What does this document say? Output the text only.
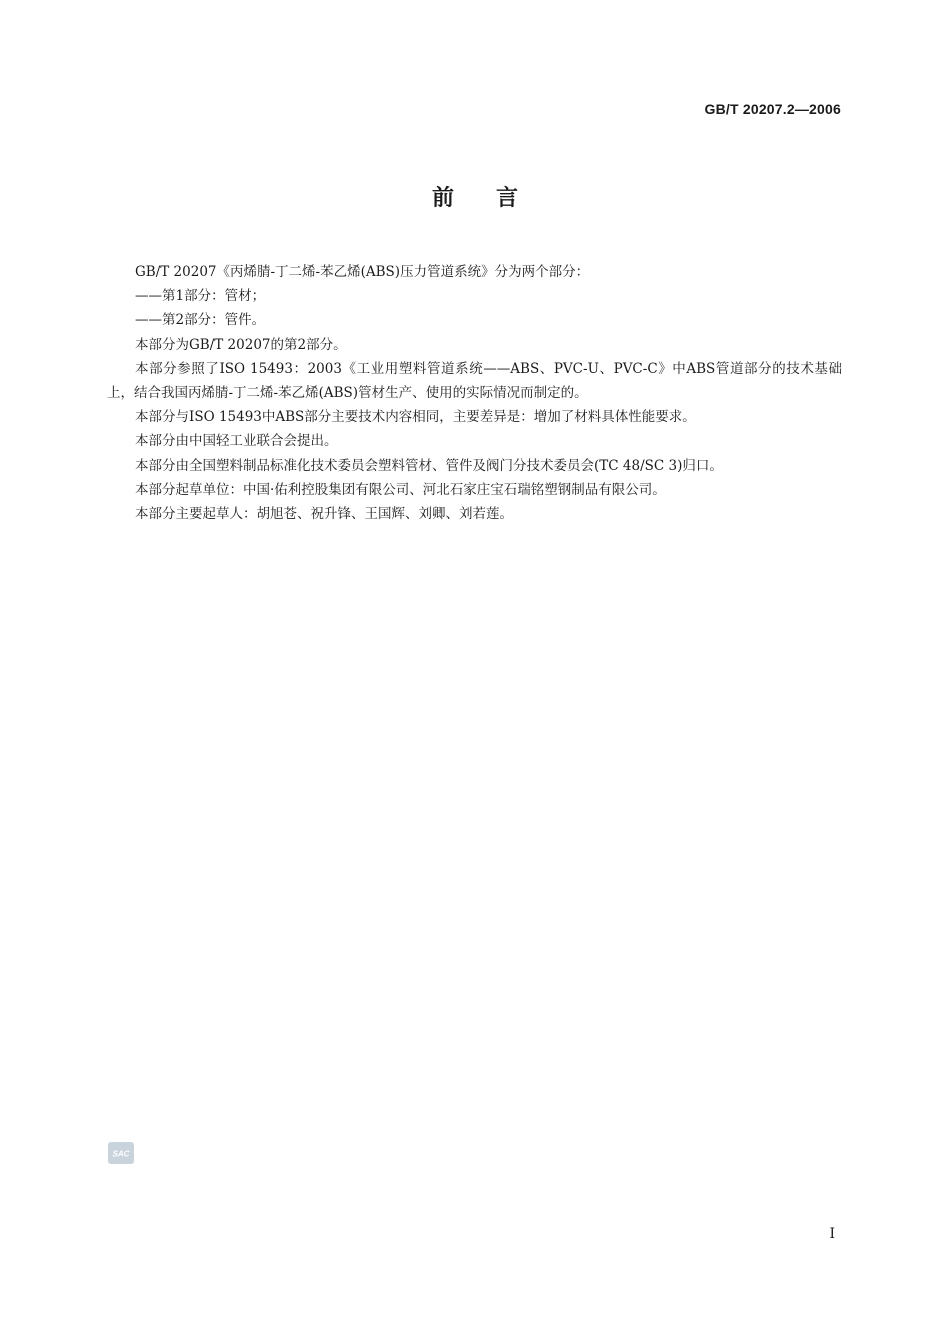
GB/T 20207.2—2006
前言

GB/T 20207《丙烯腈-丁二烯-苯乙烯(ABS)压力管道系统》分为两个部分：

——第1部分：管材；

——第2部分：管件。

本部分为GB/T 20207的第2部分。

本部分参照了ISO 15493：2003《工业用塑料管道系统——ABS、PVC-U、PVC-C》中ABS管道部分的技术基础上，结合我国丙烯腈-丁二烯-苯乙烯(ABS)管材生产、使用的实际情况而制定的。

本部分与ISO 15493中ABS部分主要技术内容相同，主要差异是：增加了材料具体性能要求。

本部分由中国轻工业联合会提出。

本部分由全国塑料制品标准化技术委员会塑料管材、管件及阀门分技术委员会(TC 48/SC 3)归口。

本部分起草单位：中国·佑利控股集团有限公司、河北石家庄宝石瑞铭塑钢制品有限公司。

本部分主要起草人：胡旭苍、祝升锋、王国辉、刘卿、刘若莲。

SAC
I
